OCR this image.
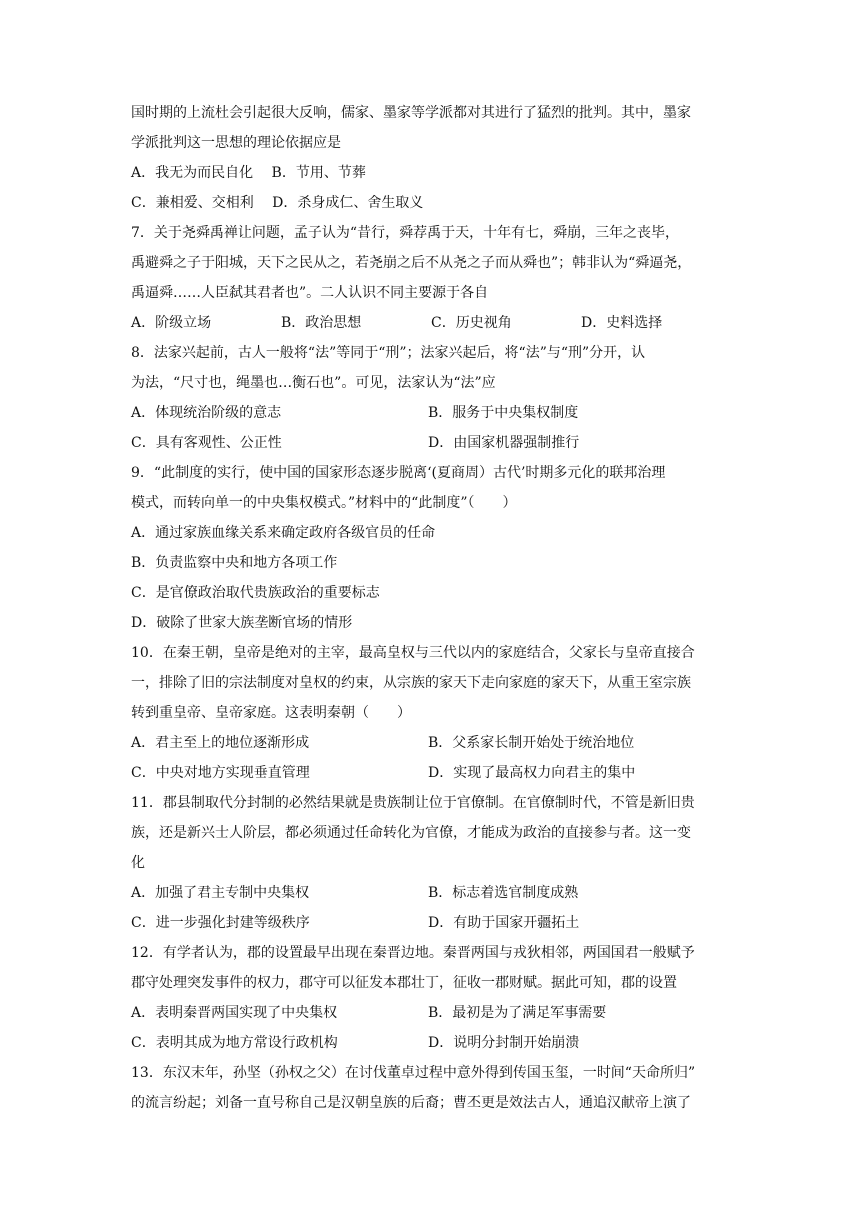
国时期的上流杜会引起很大反响，儒家、墨家等学派都对其进行了猛烈的批判。其中，墨家
学派批判这一思想的理论依据应是
A．我无为而民自化　 B．节用、节葬
C．兼相爱、交相利　 D．杀身成仁、舍生取义
7．关于尧舜禹禅让问题，孟子认为“昔行，舜荐禹于天，十年有七，舜崩，三年之丧毕，
禹避舜之子于阳城，天下之民从之，若尧崩之后不从尧之子而从舜也”；韩非认为“舜逼尧，
禹逼舜……人臣弑其君者也”。二人认识不同主要源于各自
A．阶级立场	B．政治思想	C．历史视角	D．史料选择
8．法家兴起前，古人一般将“法”等同于“刑”；法家兴起后，将“法”与“刑”分开，认
为法，“尺寸也，绳墨也…衡石也”。可见，法家认为“法”应
A．体现统治阶级的意志	B．服务于中央集权制度
C．具有客观性、公正性	D．由国家机器强制推行
9．“此制度的实行，使中国的国家形态逐步脱离‘(夏商周）古代’时期多元化的联邦治理
模式，而转向单一的中央集权模式。”材料中的“此制度”（　　）
A．通过家族血缘关系来确定政府各级官员的任命
B．负责监察中央和地方各项工作
C．是官僚政治取代贵族政治的重要标志
D．破除了世家大族垄断官场的情形
10．在秦王朝，皇帝是绝对的主宰，最高皇权与三代以内的家庭结合，父家长与皇帝直接合
一，排除了旧的宗法制度对皇权的约束，从宗族的家天下走向家庭的家天下，从重王室宗族
转到重皇帝、皇帝家庭。这表明秦朝（　　）
A．君主至上的地位逐渐形成	B．父系家长制开始处于统治地位
C．中央对地方实现垂直管理	D．实现了最高权力向君主的集中
11．郡县制取代分封制的必然结果就是贵族制让位于官僚制。在官僚制时代，不管是新旧贵
族，还是新兴士人阶层，都必须通过任命转化为官僚，才能成为政治的直接参与者。这一变
化
A．加强了君主专制中央集权	B．标志着选官制度成熟
C．进一步强化封建等级秩序	D．有助于国家开疆拓土
12．有学者认为，郡的设置最早出现在秦晋边地。秦晋两国与戎狄相邻，两国国君一般赋予
郡守处理突发事件的权力，郡守可以征发本郡壮丁，征收一郡财赋。据此可知，郡的设置
A．表明秦晋两国实现了中央集权	B．最初是为了满足军事需要
C．表明其成为地方常设行政机构	D．说明分封制开始崩溃
13．东汉末年，孙坚（孙权之父）在讨伐董卓过程中意外得到传国玉玺，一时间“天命所归”
的流言纷起；刘备一直号称自己是汉朝皇族的后裔；曹丕更是效法古人，通追汉献帝上演了
